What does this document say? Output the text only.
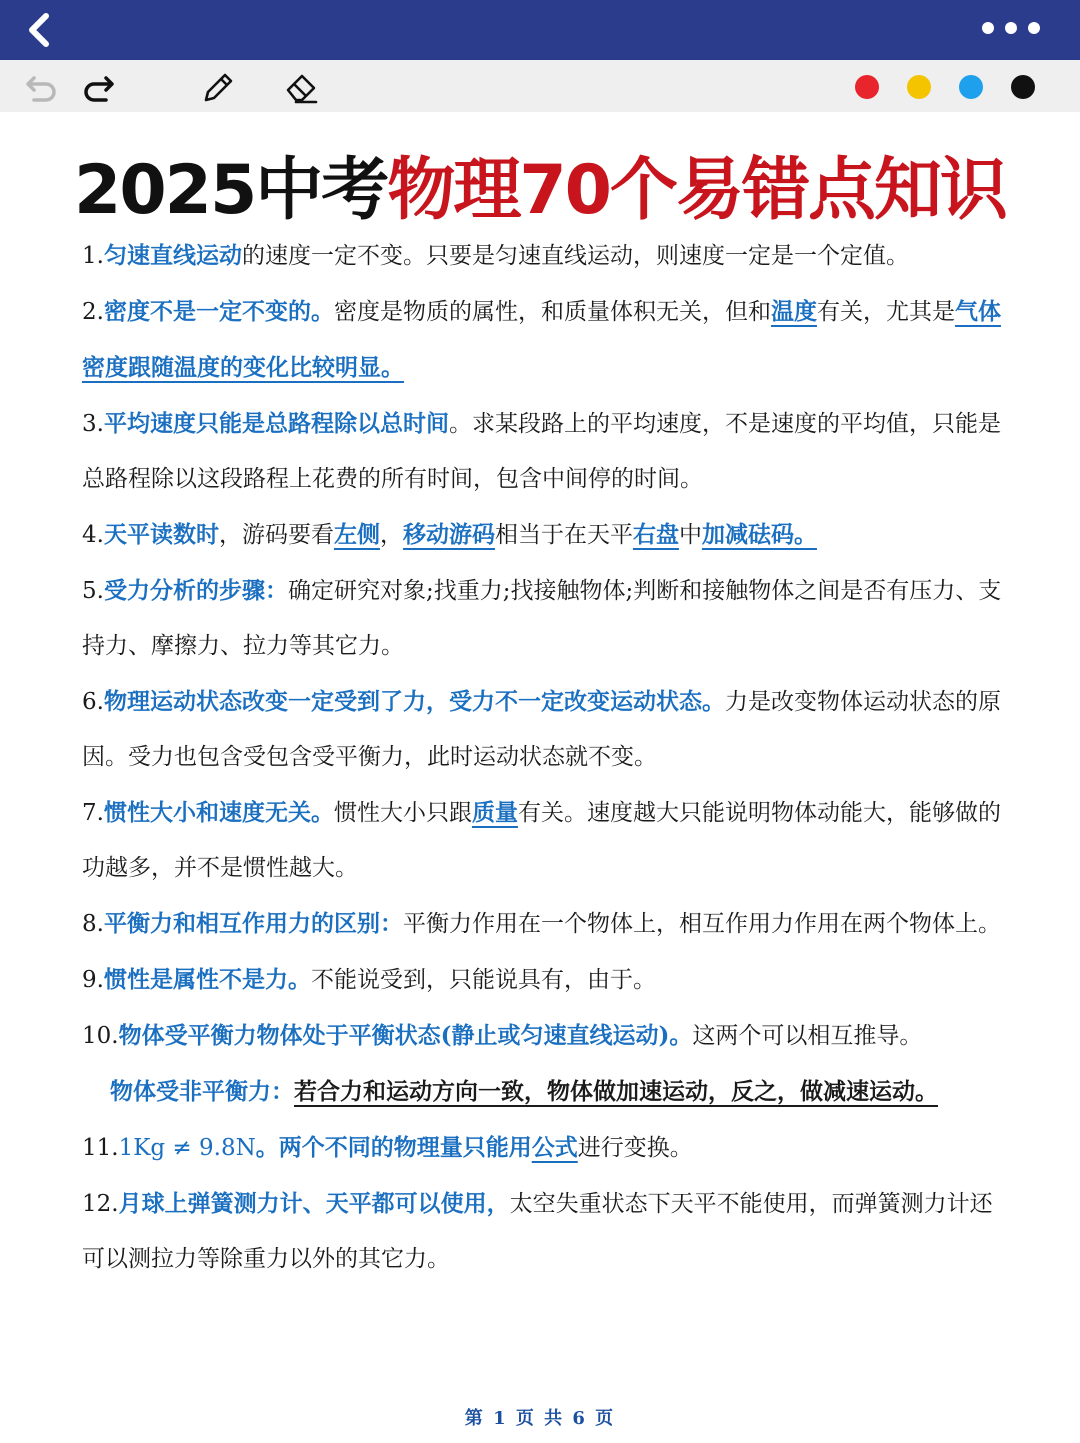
2025中考物理70个易错点知识

1.匀速直线运动的速度一定不变。只要是匀速直线运动，则速度一定是一个定值。

2.密度不是一定不变的。密度是物质的属性，和质量体积无关，但和温度有关，尤其是气体密度跟随温度的变化比较明显。

3.平均速度只能是总路程除以总时间。求某段路上的平均速度，不是速度的平均值，只能是总路程除以这段路程上花费的所有时间，包含中间停的时间。

4.天平读数时，游码要看左侧，移动游码相当于在天平右盘中加减砝码。

5.受力分析的步骤：确定研究对象;找重力;找接触物体;判断和接触物体之间是否有压力、支持力、摩擦力、拉力等其它力。

6.物理运动状态改变一定受到了力，受力不一定改变运动状态。力是改变物体运动状态的原因。受力也包含受包含受平衡力，此时运动状态就不变。

7.惯性大小和速度无关。惯性大小只跟质量有关。速度越大只能说明物体动能大，能够做的功越多，并不是惯性越大。

8.平衡力和相互作用力的区别：平衡力作用在一个物体上，相互作用力作用在两个物体上。

9.惯性是属性不是力。不能说受到，只能说具有，由于。

10.物体受平衡力物体处于平衡状态(静止或匀速直线运动)。这两个可以相互推导。

物体受非平衡力：若合力和运动方向一致，物体做加速运动，反之，做减速运动。

11.1Kg ≠ 9.8N。两个不同的物理量只能用公式进行变换。

12.月球上弹簧测力计、天平都可以使用，太空失重状态下天平不能使用，而弹簧测力计还可以测拉力等除重力以外的其它力。

第 1 页 共 6 页
